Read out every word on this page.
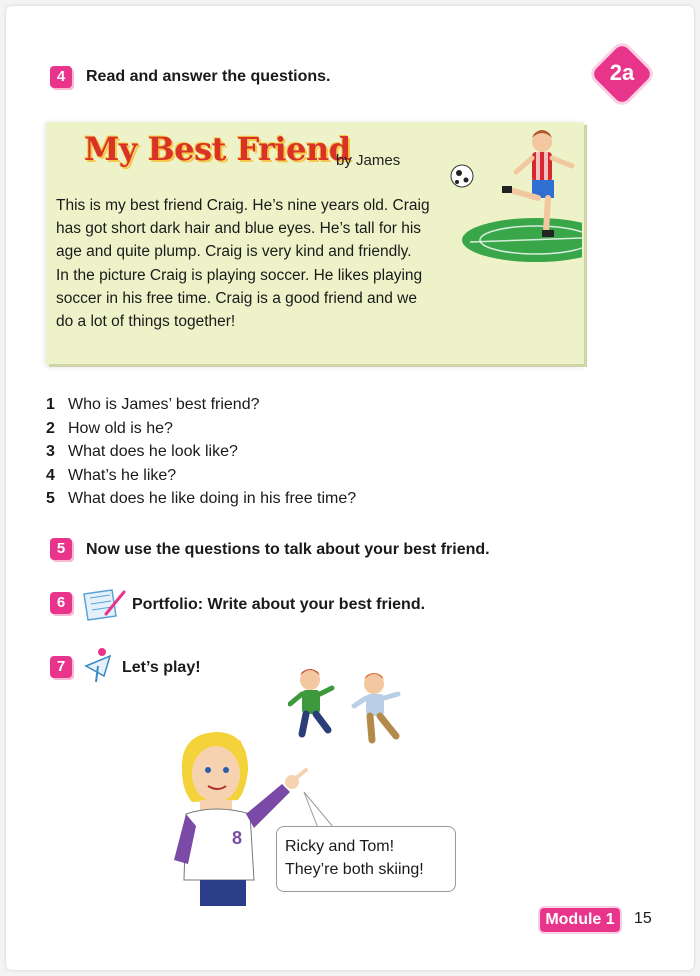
2a
4	Read and answer the questions.
My Best Friend
by James
This is my best friend Craig. He’s nine years old. Craig
has got short dark hair and blue eyes. He’s tall for his
age and quite plump. Craig is very kind and friendly.
In the picture Craig is playing soccer. He likes playing
soccer in his free time. Craig is a good friend and we
do a lot of things together!
1 Who is James’ best friend?
2 How old is he?
3 What does he look like?
4 What’s he like?
5 What does he like doing in his free time?
5	Now use the questions to talk about your best friend.
6	Portfolio: Write about your best friend.
7	Let’s play!
8	Ricky and Tom!
They’re both skiing!
Module 1	15
